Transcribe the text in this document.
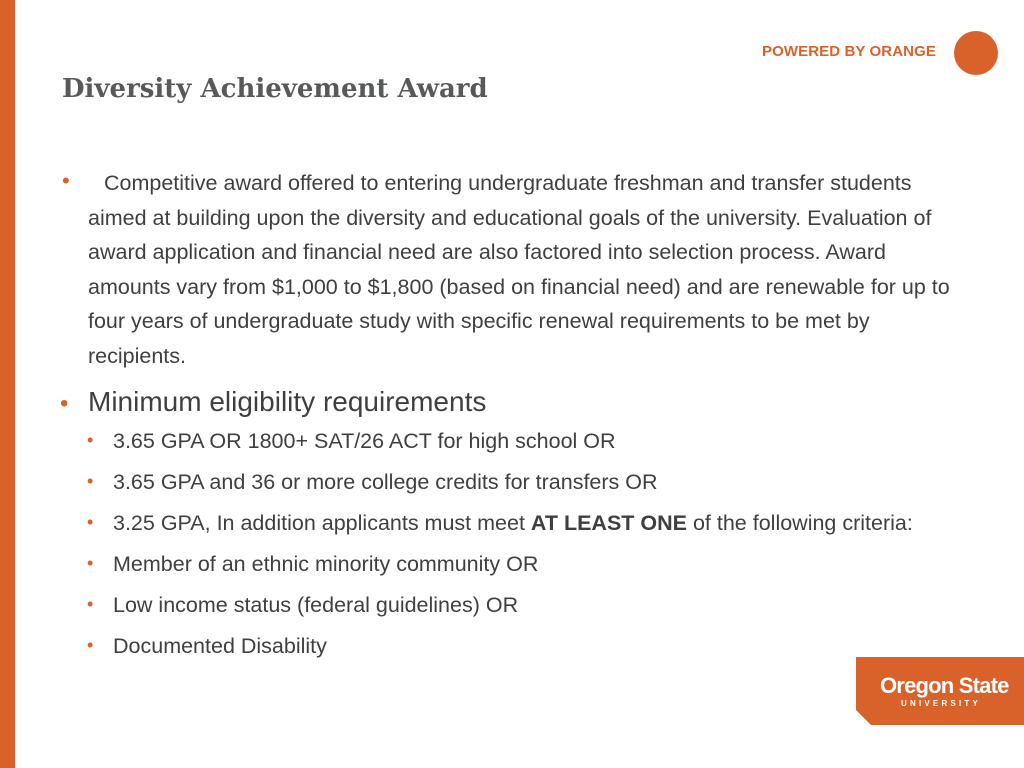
POWERED BY ORANGE
Diversity Achievement Award
• Competitive award offered to entering undergraduate freshman and transfer students aimed at building upon the diversity and educational goals of the university. Evaluation of award application and financial need are also factored into selection process. Award amounts vary from $1,000 to $1,800 (based on financial need) and are renewable for up to four years of undergraduate study with specific renewal requirements to be met by recipients.
• Minimum eligibility requirements
• 3.65 GPA OR 1800+ SAT/26 ACT for high school OR
• 3.65 GPA and 36 or more college credits for transfers OR
• 3.25 GPA, In addition applicants must meet AT LEAST ONE of the following criteria:
• Member of an ethnic minority community OR
• Low income status (federal guidelines) OR
• Documented Disability
Oregon State
UNIVERSITY
